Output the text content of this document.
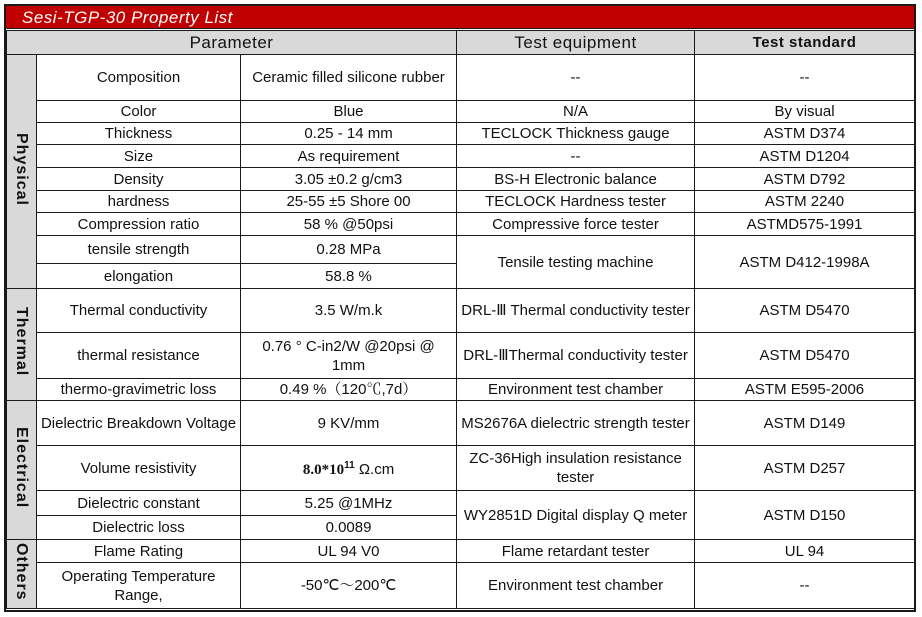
Sesi-TGP-30 Property List
Parameter			Test equipment	Test standard
Physical	Composition	Ceramic filled silicone rubber	--	--
	Color	Blue	N/A	By visual
	Thickness	0.25 - 14 mm	TECLOCK Thickness gauge	ASTM D374
	Size	As requirement	--	ASTM D1204
	Density	3.05 ±0.2 g/cm3	BS-H Electronic balance	ASTM D792
	hardness	25-55 ±5 Shore 00	TECLOCK Hardness tester	ASTM 2240
	Compression ratio	58 % @50psi	Compressive force tester	ASTMD575-1991
	tensile strength	0.28 MPa	Tensile testing machine	ASTM D412-1998A
	elongation	58.8 %		
Thermal	Thermal conductivity	3.5 W/m.k	DRL-Ⅲ Thermal conductivity tester	ASTM D5470
	thermal resistance	0.76 ° C-in2/W @20psi @ 1mm	DRL-ⅢThermal conductivity tester	ASTM D5470
	thermo-gravimetric loss	0.49 %（120℃,7d）	Environment test chamber	ASTM E595-2006
Electrical	Dielectric Breakdown Voltage	9 KV/mm	MS2676A dielectric strength tester	ASTM D149
	Volume resistivity	$8.0*10^{11}$ Ω.cm	ZC-36High insulation resistance tester	ASTM D257
	Dielectric constant	5.25 @1MHz	WY2851D Digital display Q meter	ASTM D150
	Dielectric loss	0.0089		
Others	Flame Rating	UL 94 V0	Flame retardant tester	UL 94
	Operating Temperature Range,	-50℃～200℃	Environment test chamber	--
